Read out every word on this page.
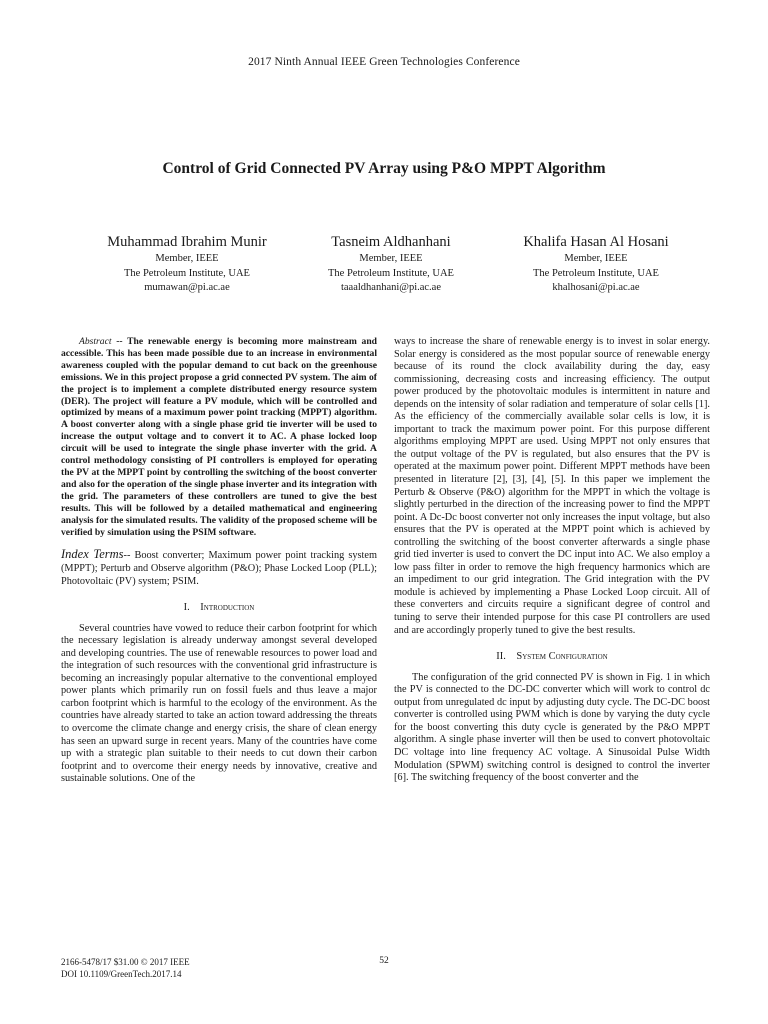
2017 Ninth Annual IEEE Green Technologies Conference
Control of Grid Connected PV Array using P&O MPPT Algorithm
Muhammad Ibrahim Munir
Member, IEEE
The Petroleum Institute, UAE
mumawan@pi.ac.ae
Tasneim Aldhanhani
Member, IEEE
The Petroleum Institute, UAE
taaaldhanhani@pi.ac.ae
Khalifa Hasan Al Hosani
Member, IEEE
The Petroleum Institute, UAE
khalhosani@pi.ac.ae

Abstract -- The renewable energy is becoming more mainstream and accessible. This has been made possible due to an increase in environmental awareness coupled with the popular demand to cut back on the greenhouse emissions. We in this project propose a grid connected PV system. The aim of the project is to implement a complete distributed energy resource system (DER). The project will feature a PV module, which will be controlled and optimized by means of a maximum power point tracking (MPPT) algorithm. A boost converter along with a single phase grid tie inverter will be used to increase the output voltage and to convert it to AC. A phase locked loop circuit will be used to integrate the single phase inverter with the grid. A control methodology consisting of PI controllers is employed for operating the PV at the MPPT point by controlling the switching of the boost converter and also for the operation of the single phase inverter and its integration with the grid. The parameters of these controllers are tuned to give the best results. This will be followed by a detailed mathematical and engineering analysis for the simulated results. The validity of the proposed scheme will be verified by simulation using the PSIM software.

Index Terms-- Boost converter; Maximum power point tracking system (MPPT); Perturb and Observe algorithm (P&O); Phase Locked Loop (PLL); Photovoltaic (PV) system; PSIM.

I. Introduction

Several countries have vowed to reduce their carbon footprint for which the necessary legislation is already underway amongst several developed and developing countries. The use of renewable resources to power load and the integration of such resources with the conventional grid infrastructure is becoming an increasingly popular alternative to the conventional employed power plants which primarily run on fossil fuels and thus leave a major carbon footprint which is harmful to the ecology of the environment. As the countries have already started to take an action toward addressing the threats to overcome the climate change and energy crisis, the share of clean energy has seen an upward surge in recent years. Many of the countries have come up with a strategic plan suitable to their needs to cut down their carbon footprint and to overcome their energy needs by innovative, creative and sustainable solutions. One of the

ways to increase the share of renewable energy is to invest in solar energy. Solar energy is considered as the most popular source of renewable energy because of its round the clock availability during the day, easy commissioning, decreasing costs and increasing efficiency. The output power produced by the photovoltaic modules is intermittent in nature and depends on the intensity of solar radiation and temperature of solar cells [1]. As the efficiency of the commercially available solar cells is low, it is important to track the maximum power point. For this purpose different algorithms employing MPPT are used. Using MPPT not only ensures that the output voltage of the PV is regulated, but also ensures that the PV is operated at the maximum power point. Different MPPT methods have been presented in literature [2], [3], [4], [5]. In this paper we implement the Perturb & Observe (P&O) algorithm for the MPPT in which the voltage is slightly perturbed in the direction of the increasing power to find the MPPT point. A Dc-Dc boost converter not only increases the input voltage, but also ensures that the PV is operated at the MPPT point which is achieved by controlling the switching of the boost converter afterwards a single phase grid tied inverter is used to convert the DC input into AC. We also employ a low pass filter in order to remove the high frequency harmonics which are an impediment to our grid integration. The Grid integration with the PV module is achieved by implementing a Phase Locked Loop circuit. All of these converters and circuits require a significant degree of control and tuning to serve their intended purpose for this case PI controllers are used and are accordingly properly tuned to give the best results.

II. System Configuration

The configuration of the grid connected PV is shown in Fig. 1 in which the PV is connected to the DC-DC converter which will work to control dc output from unregulated dc input by adjusting duty cycle. The DC-DC boost converter is controlled using PWM which is done by varying the duty cycle for the boost converting this duty cycle is generated by the P&O MPPT algorithm. A single phase inverter will then be used to convert photovoltaic DC voltage into line frequency AC voltage. A Sinusoidal Pulse Width Modulation (SPWM) switching control is designed to control the inverter [6]. The switching frequency of the boost converter and the

2166-5478/17 $31.00 © 2017 IEEE
DOI 10.1109/GreenTech.2017.14
52
